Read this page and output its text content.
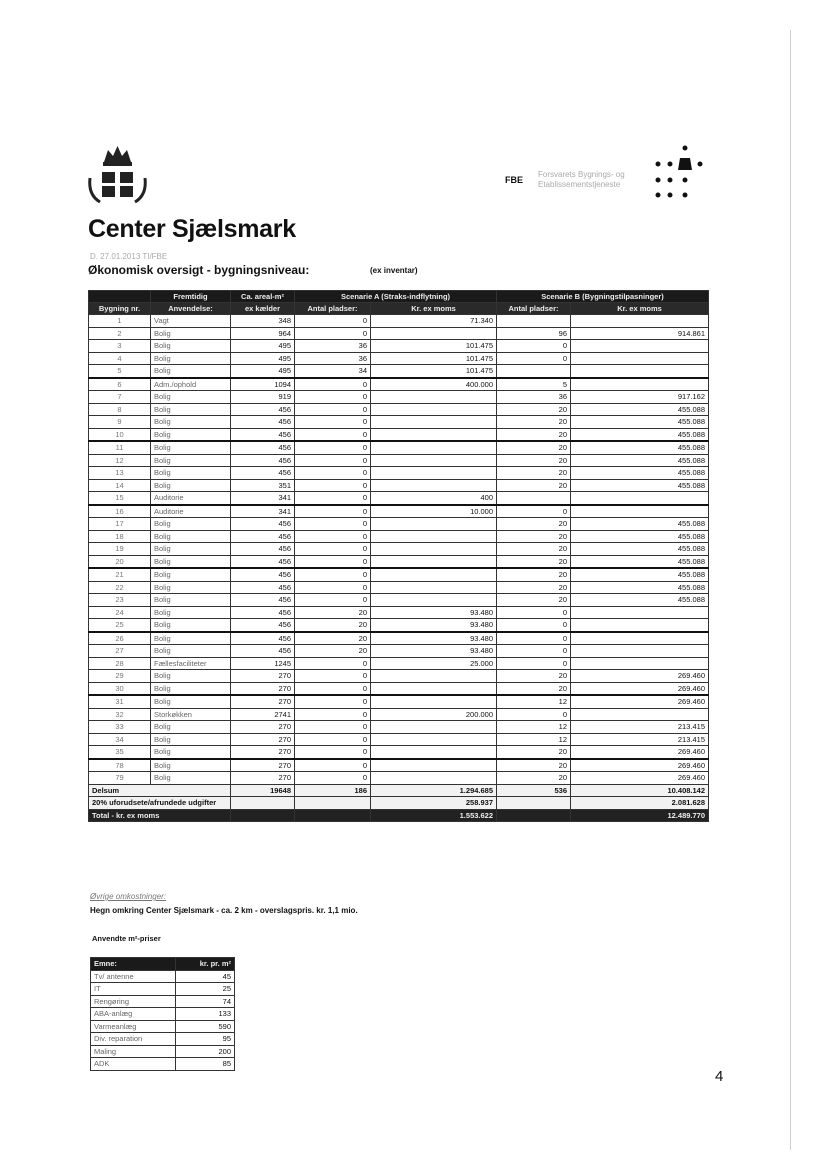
FBE
Forsvarets Bygnings- og
Etablissementstjeneste
Center Sjælsmark
D. 27.01.2013 TI/FBE
Økonomisk oversigt - bygningsniveau:	(ex inventar)
	Fremtidig	Ca. areal-m²	Scenarie A (Straks-indflytning)		Scenarie B (Bygningstilpasninger)	
Bygning nr.	Anvendelse:	ex kælder	Antal pladser:	Kr. ex moms	Antal pladser:	Kr. ex moms
1	Vagt	348	0	71.340		
2	Bolig	964	0		96	914.861
3	Bolig	495	36	101.475	0	
4	Bolig	495	36	101.475	0	
5	Bolig	495	34	101.475		
6	Adm./ophold	1094	0	400.000	5	
7	Bolig	919	0		36	917.162
8	Bolig	456	0		20	455.088
9	Bolig	456	0		20	455.088
10	Bolig	456	0		20	455.088
11	Bolig	456	0		20	455.088
12	Bolig	456	0		20	455.088
13	Bolig	456	0		20	455.088
14	Bolig	351	0		20	455.088
15	Auditorie	341	0	400		
16	Auditorie	341	0	10.000	0	
17	Bolig	456	0		20	455.088
18	Bolig	456	0		20	455.088
19	Bolig	456	0		20	455.088
20	Bolig	456	0		20	455.088
21	Bolig	456	0		20	455.088
22	Bolig	456	0		20	455.088
23	Bolig	456	0		20	455.088
24	Bolig	456	20	93.480	0	
25	Bolig	456	20	93.480	0	
26	Bolig	456	20	93.480	0	
27	Bolig	456	20	93.480	0	
28	Fællesfaciliteter	1245	0	25.000	0	
29	Bolig	270	0		20	269.460
30	Bolig	270	0		20	269.460
31	Bolig	270	0		12	269.460
32	Storkøkken	2741	0	200.000	0	
33	Bolig	270	0		12	213.415
34	Bolig	270	0		12	213.415
35	Bolig	270	0		20	269.460
78	Bolig	270	0		20	269.460
79	Bolig	270	0		20	269.460
Delsum		19648	186	1.294.685	536	10.408.142
20% uforudsete/afrundede udgifter				258.937		2.081.628
Total - kr. ex moms				1.553.622		12.489.770
Øvrige omkostninger:
Hegn omkring Center Sjælsmark - ca. 2 km - overslagspris. kr. 1,1 mio.
Anvendte m²-priser
Emne:	kr. pr. m²
Tv/ antenne	45
IT	25
Rengøring	74
ABA-anlæg	133
Varmeanlæg	590
Div. reparation	95
Maling	200
ADK	85
4
